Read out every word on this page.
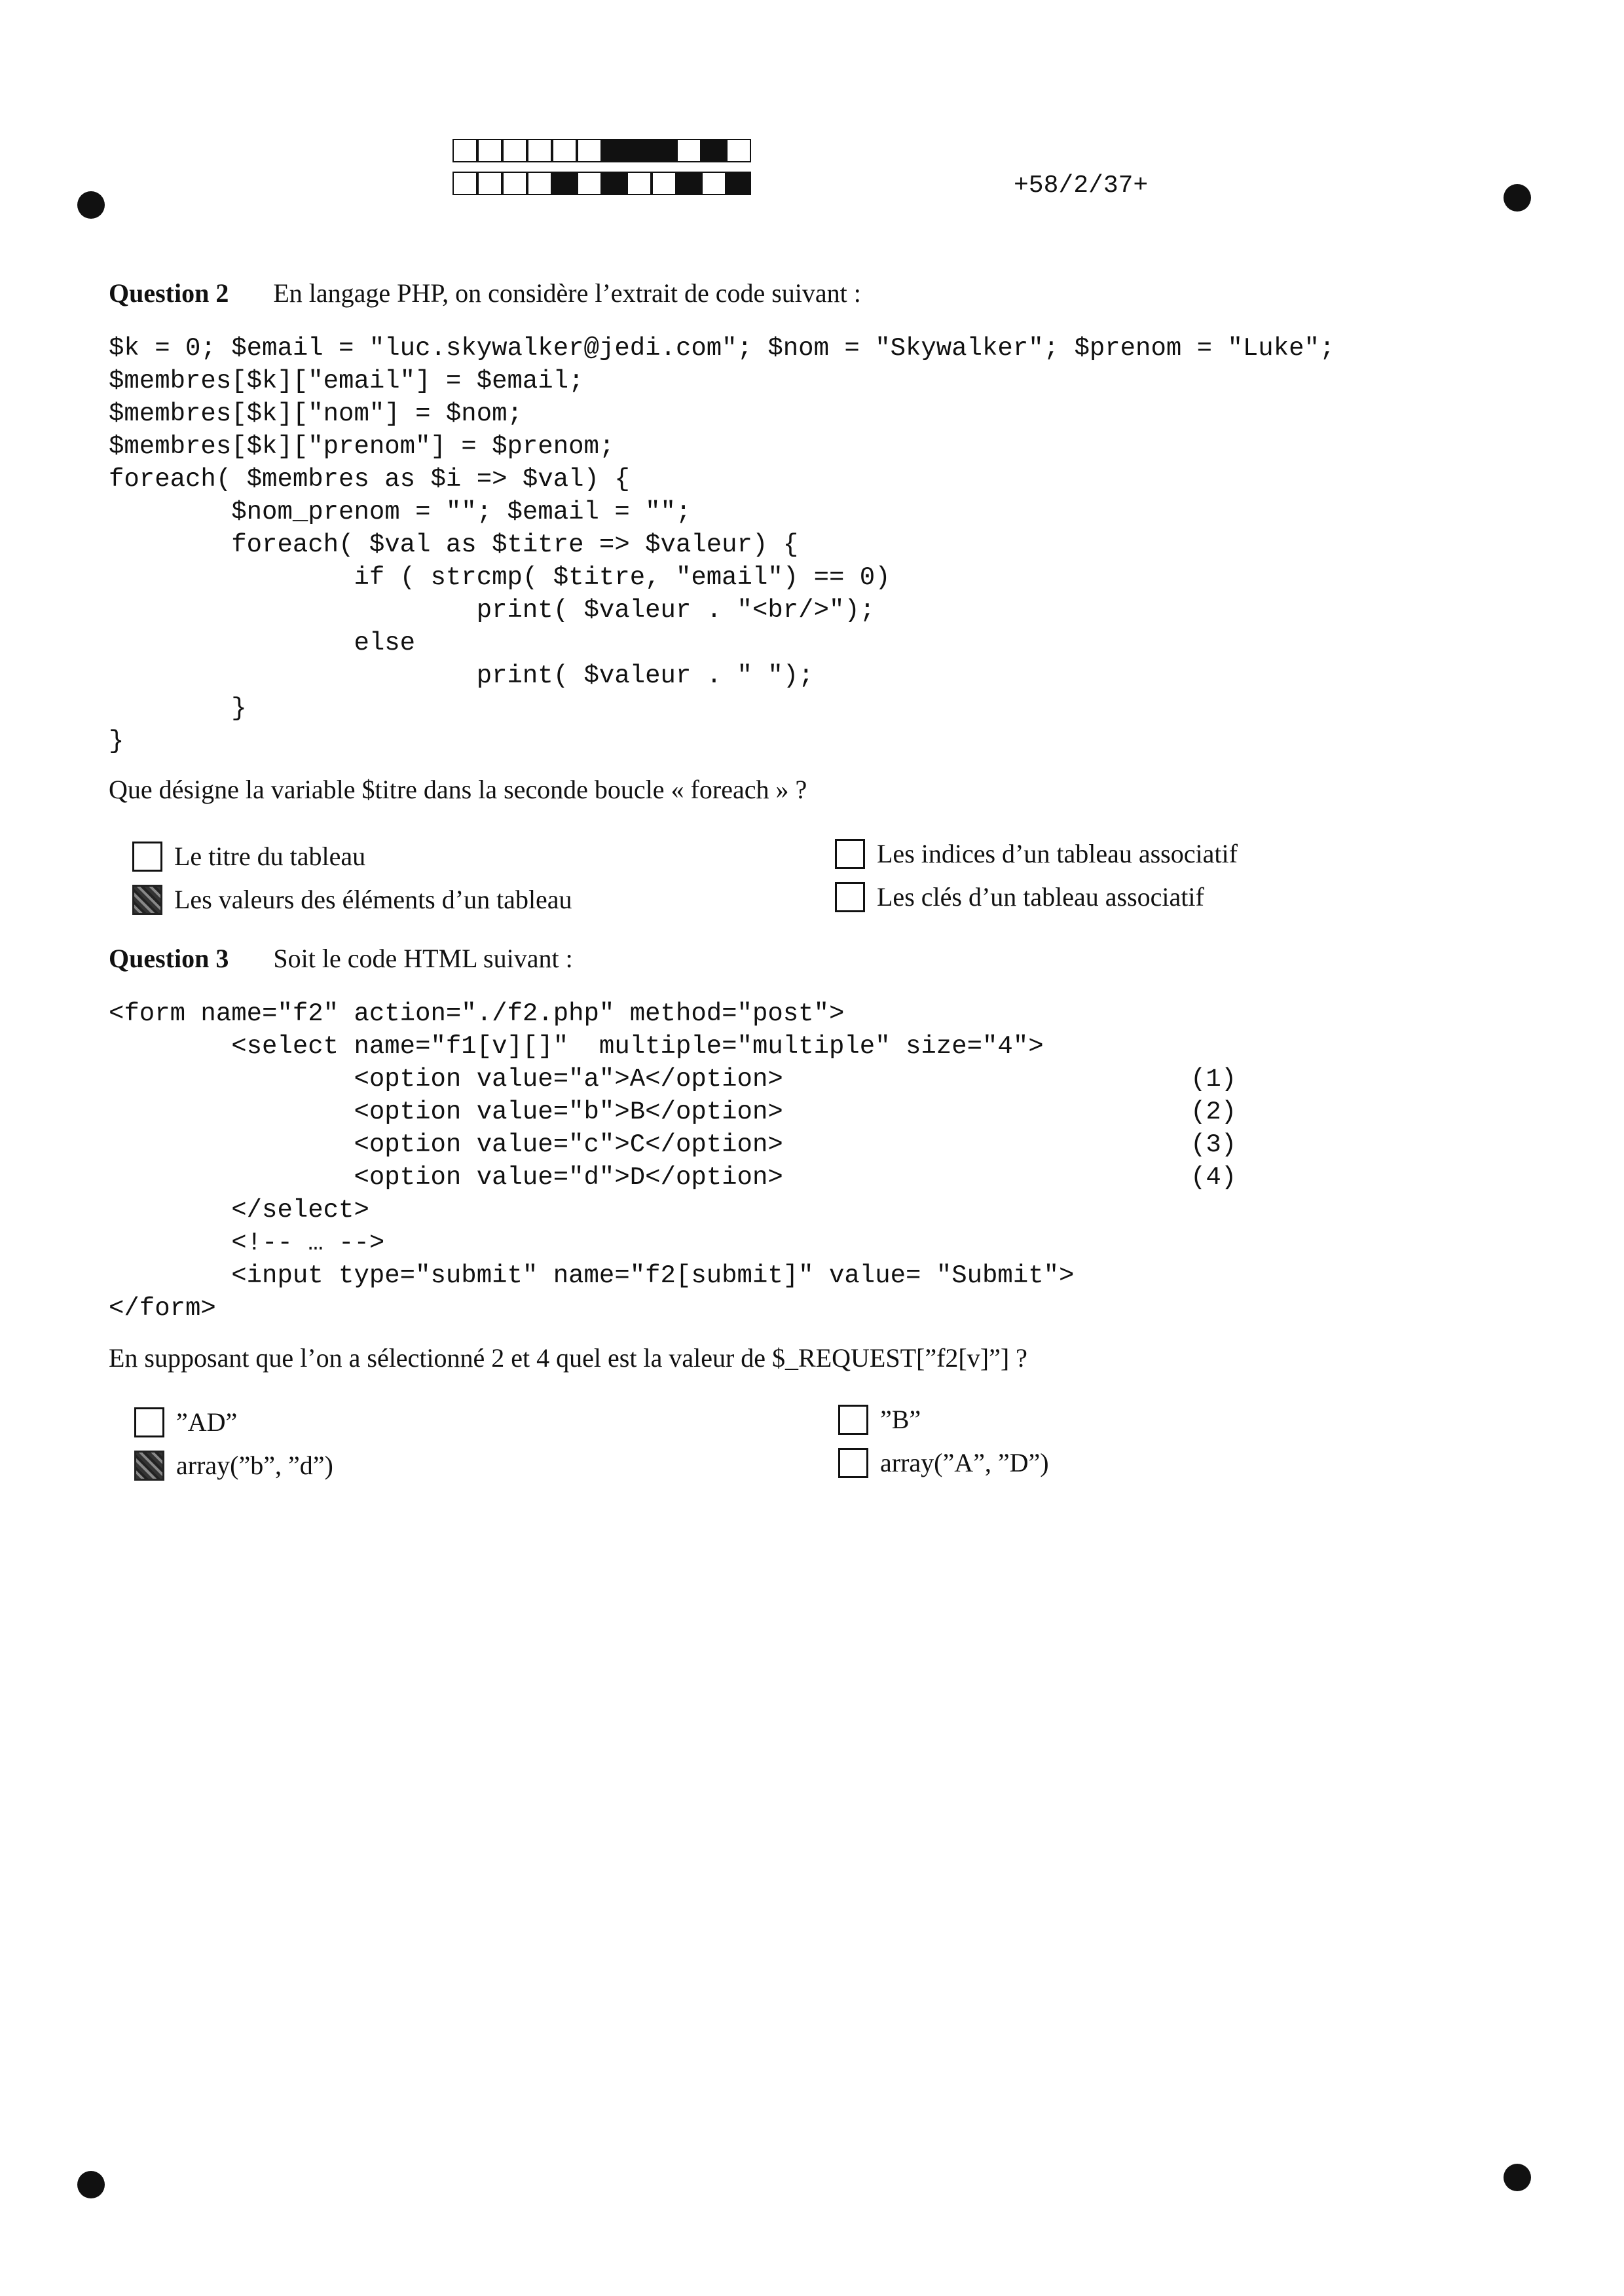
+58/2/37+
Question 2 En langage PHP, on considère l’extrait de code suivant :
$k = 0; $email = "luc.skywalker@jedi.com"; $nom = "Skywalker"; $prenom = "Luke";
$membres[$k]["email"] = $email;
$membres[$k]["nom"] = $nom;
$membres[$k]["prenom"] = $prenom;
foreach( $membres as $i => $val) {
$nom_prenom = ""; $email = "";
foreach( $val as $titre => $valeur) {
if ( strcmp( $titre, "email") == 0)
print( $valeur . "<br/>");
else
print( $valeur . " ");
}
}
Que désigne la variable $titre dans la seconde boucle « foreach » ?
Le titre du tableau
Les valeurs des éléments d’un tableau
Les indices d’un tableau associatif
Les clés d’un tableau associatif
Question 3 Soit le code HTML suivant :
<form name="f2" action="./f2.php" method="post">
<select name="f1[v][]"  multiple="multiple" size="4">
<option value="a">A</option>
<option value="b">B</option>
<option value="c">C</option>
<option value="d">D</option>
</select>
<!-- … -->
<input type="submit" name="f2[submit]" value= "Submit">
</form>

(1)
(2)
(3)
(4)
En supposant que l’on a sélectionné 2 et 4 quel est la valeur de $_REQUEST[”f2[v]”] ?
”AD”
array(”b”, ”d”)
”B”
array(”A”, ”D”)
